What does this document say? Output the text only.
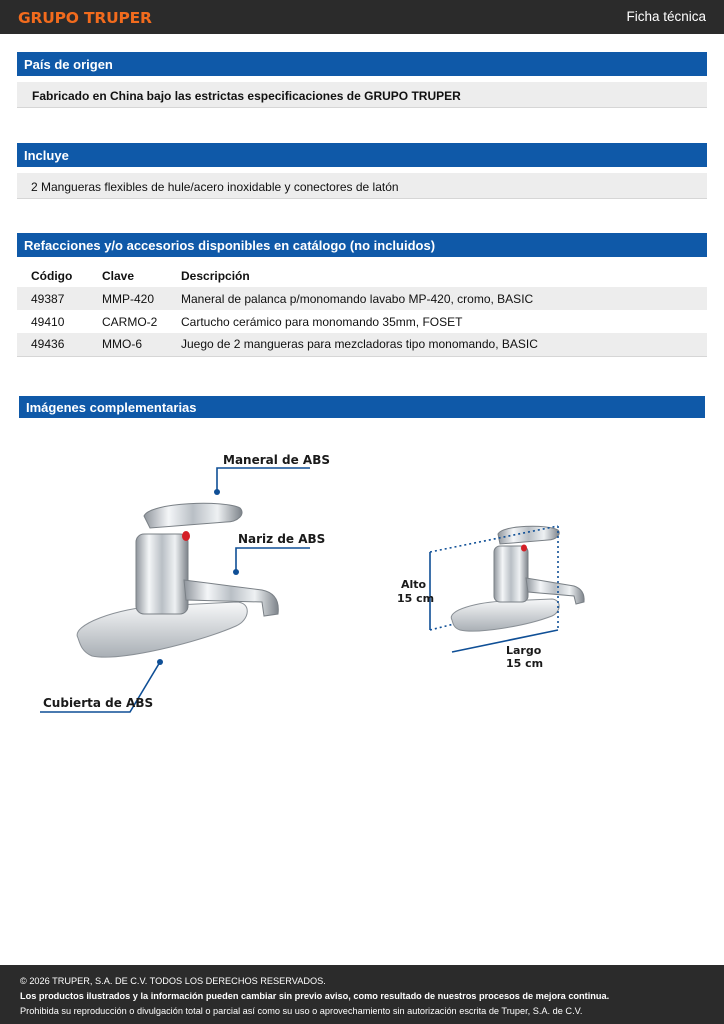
GRUPO TRUPER	Ficha técnica
País de origen
Fabricado en China bajo las estrictas especificaciones de GRUPO TRUPER
Incluye
2 Mangueras flexibles de hule/acero inoxidable y conectores de latón
Refacciones y/o accesorios disponibles en catálogo (no incluidos)
Código	Clave	Descripción
49387	MMP-420	Maneral de palanca p/monomando lavabo MP-420, cromo, BASIC
49410	CARMO-2	Cartucho cerámico para monomando 35mm, FOSET
49436	MMO-6	Juego de 2 mangueras para mezcladoras tipo monomando, BASIC
Imágenes complementarias
Maneral de ABS
Nariz de ABS
Cubierta de ABS
Alto
15 cm
Largo
15 cm
© 2026 TRUPER, S.A. DE C.V. TODOS LOS DERECHOS RESERVADOS.
Los productos ilustrados y la información pueden cambiar sin previo aviso, como resultado de nuestros procesos de mejora continua.
Prohibida su reproducción o divulgación total o parcial así como su uso o aprovechamiento sin autorización escrita de Truper, S.A. de C.V.
